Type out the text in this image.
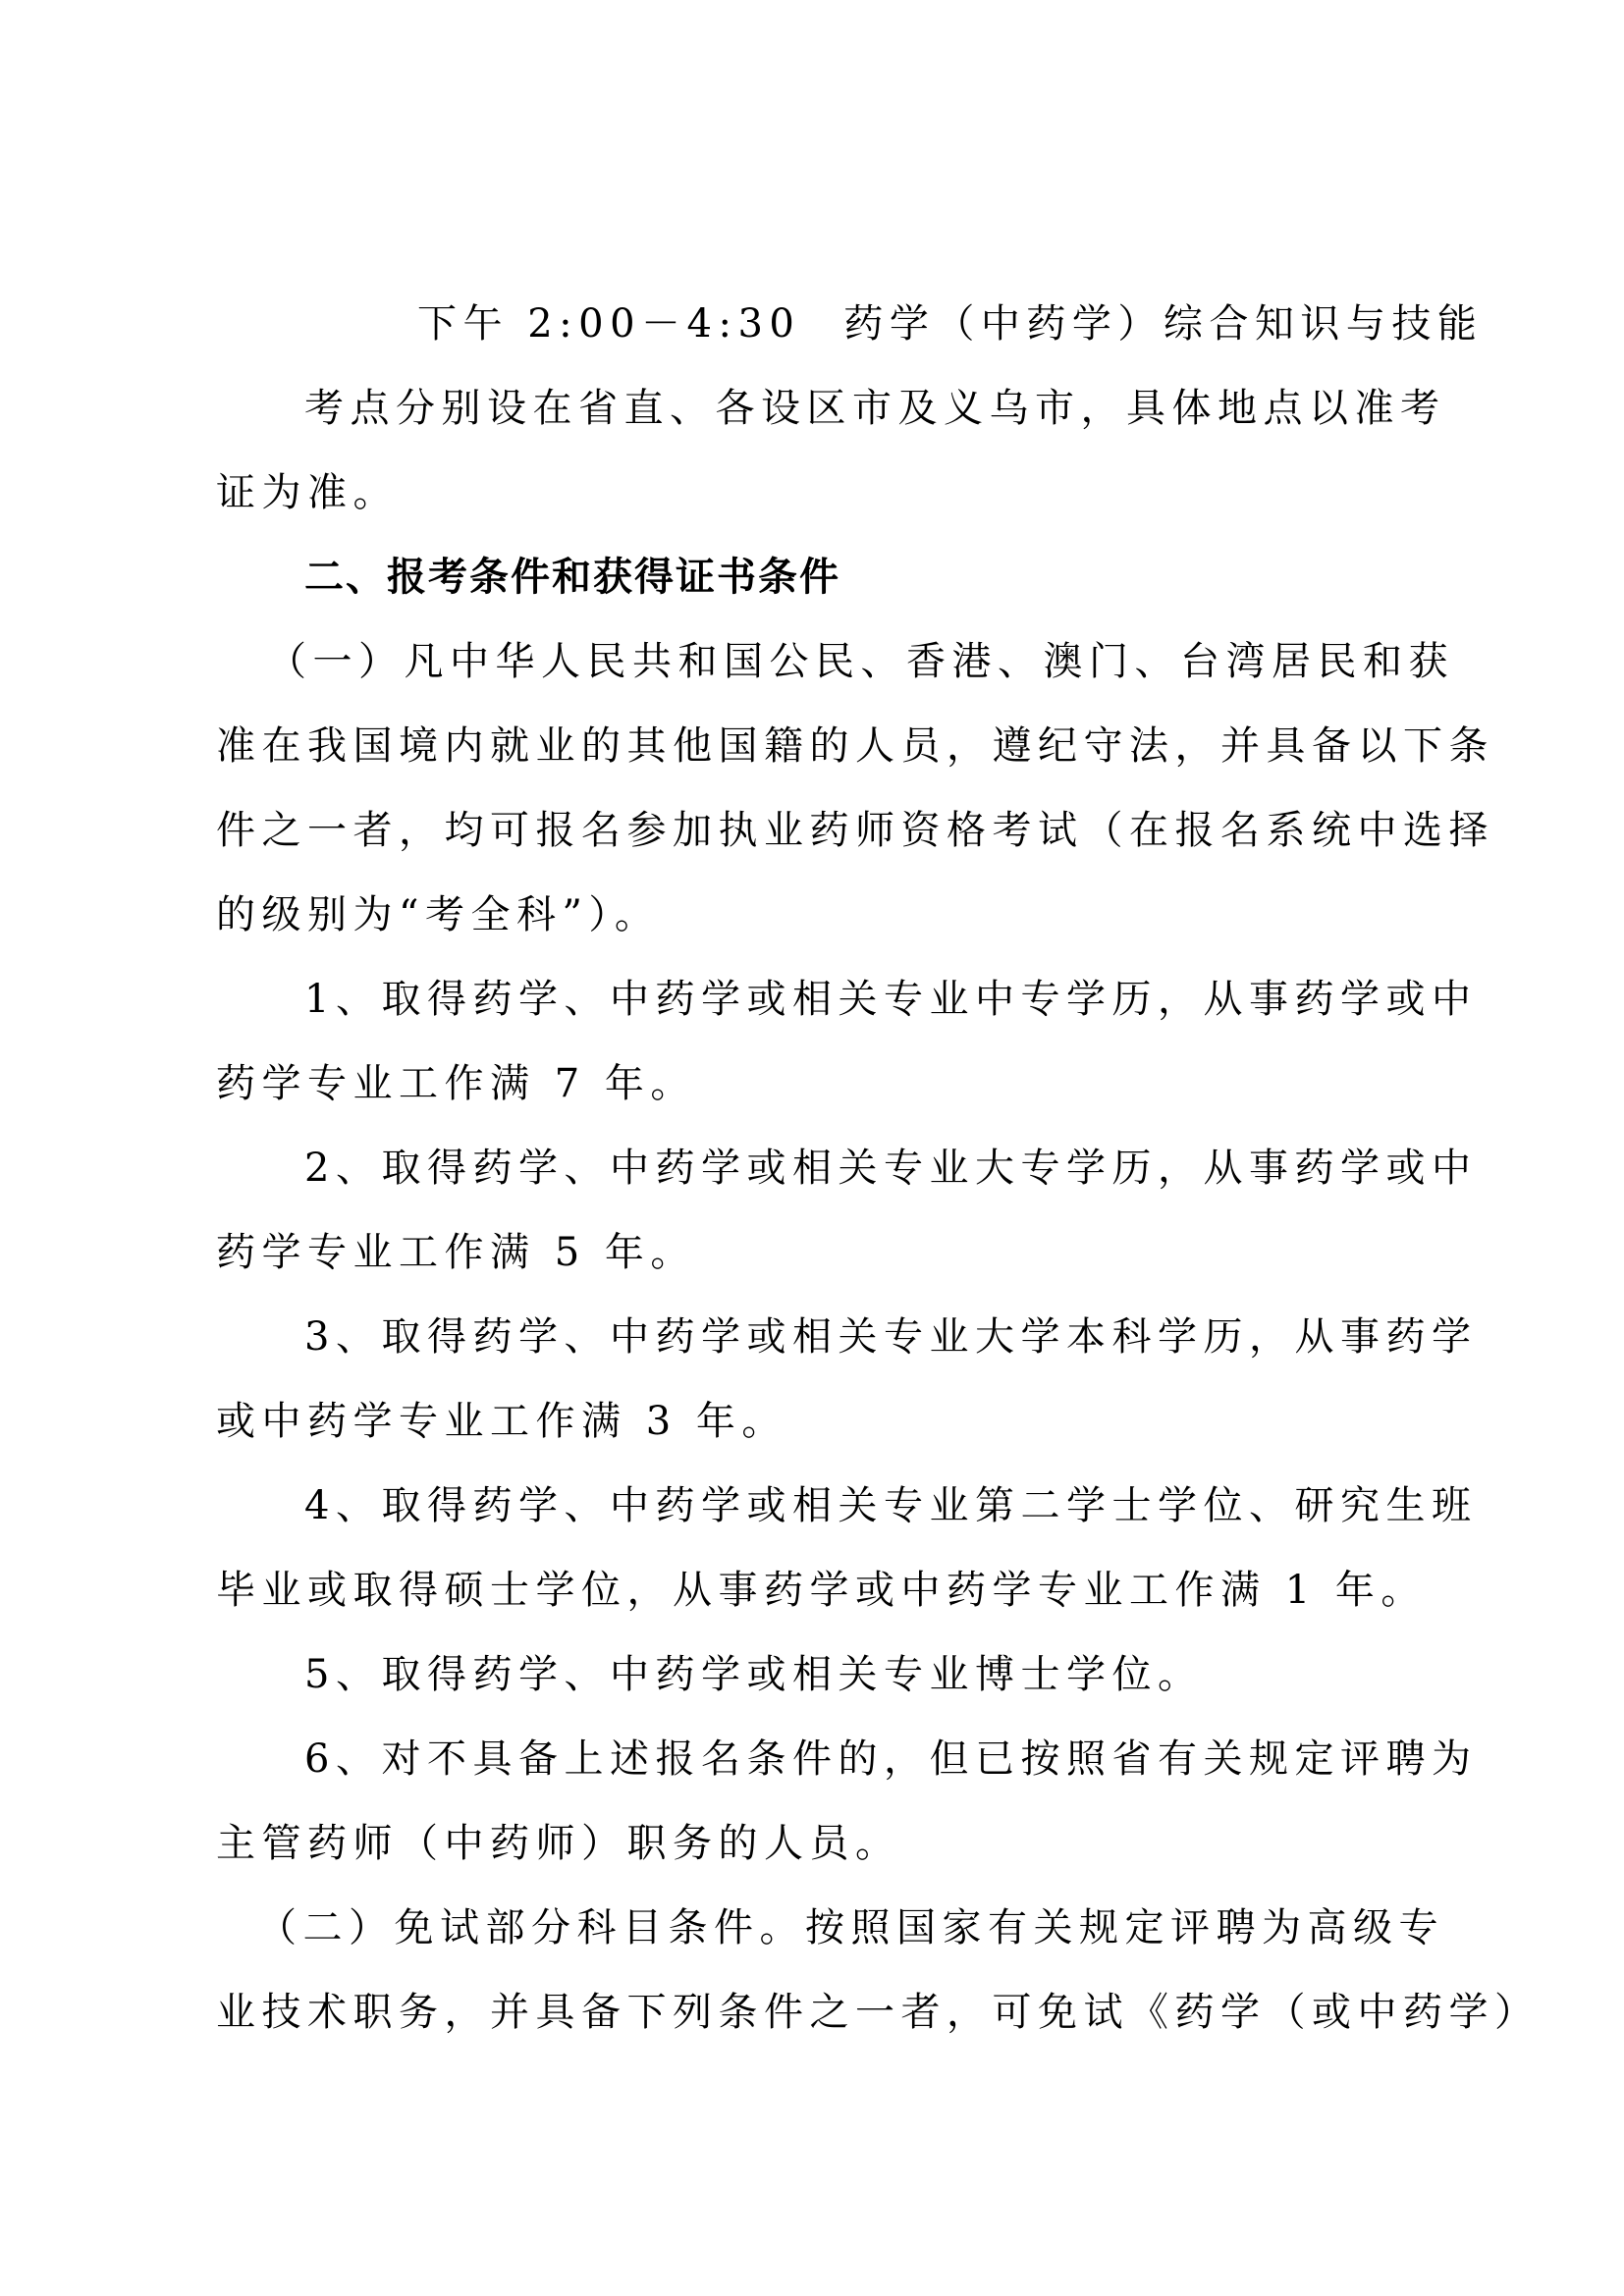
下午 2:00－4:30 药学（中药学）综合知识与技能
考点分别设在省直、各设区市及义乌市，具体地点以准考
证为准。
二、报考条件和获得证书条件
（一）凡中华人民共和国公民、香港、澳门、台湾居民和获
准在我国境内就业的其他国籍的人员，遵纪守法，并具备以下条
件之一者，均可报名参加执业药师资格考试（在报名系统中选择
的级别为“考全科”）。
1、取得药学、中药学或相关专业中专学历，从事药学或中
药学专业工作满 7 年。
2、取得药学、中药学或相关专业大专学历，从事药学或中
药学专业工作满 5 年。
3、取得药学、中药学或相关专业大学本科学历，从事药学
或中药学专业工作满 3 年。
4、取得药学、中药学或相关专业第二学士学位、研究生班
毕业或取得硕士学位，从事药学或中药学专业工作满 1 年。
5、取得药学、中药学或相关专业博士学位。
6、对不具备上述报名条件的，但已按照省有关规定评聘为
主管药师（中药师）职务的人员。
（二）免试部分科目条件。按照国家有关规定评聘为高级专
业技术职务，并具备下列条件之一者，可免试《药学（或中药学）
